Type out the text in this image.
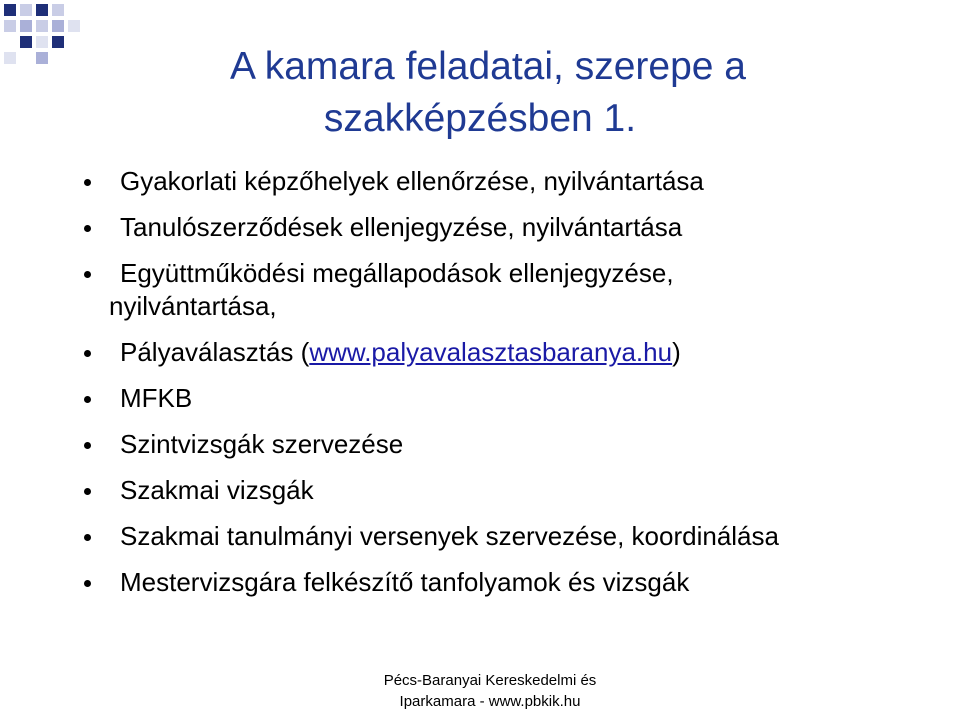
A kamara feladatai, szerepe a
szakképzésben 1.
Gyakorlati képzőhelyek ellenőrzése, nyilvántartása
Tanulószerződések ellenjegyzése, nyilvántartása
Együttműködési megállapodások ellenjegyzése,
nyilvántartása,
Pályaválasztás (www.palyavalasztasbaranya.hu)
MFKB
Szintvizsgák szervezése
Szakmai vizsgák
Szakmai tanulmányi versenyek szervezése, koordinálása
Mestervizsgára felkészítő tanfolyamok és vizsgák
Pécs-Baranyai Kereskedelmi és
Iparkamara - www.pbkik.hu
